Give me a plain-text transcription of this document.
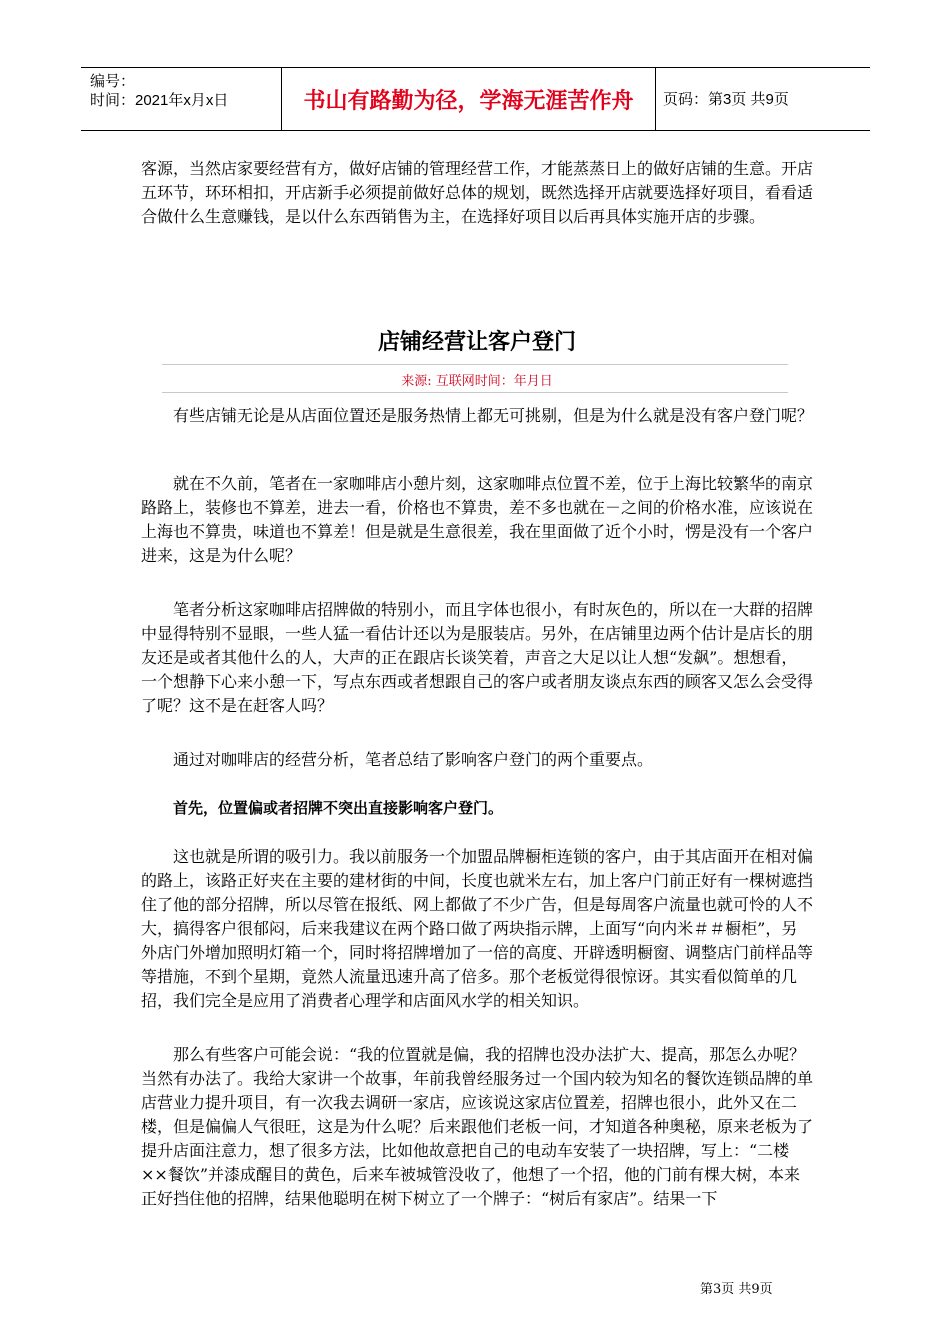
编号：
时间：2021年x月x日	书山有路勤为径，学海无涯苦作舟	页码：第3页 共9页

客源，当然店家要经营有方，做好店铺的管理经营工作，才能蒸蒸日上的做好店铺的生意。开店五环节，环环相扣，开店新手必须提前做好总体的规划，既然选择开店就要选择好项目，看看适合做什么生意赚钱，是以什么东西销售为主，在选择好项目以后再具体实施开店的步骤。

店铺经营让客户登门
来源: 互联网时间：年月日

有些店铺无论是从店面位置还是服务热情上都无可挑剔，但是为什么就是没有客户登门呢？

就在不久前，笔者在一家咖啡店小憩片刻，这家咖啡点位置不差，位于上海比较繁华的南京路路上，装修也不算差，进去一看，价格也不算贵，差不多也就在－之间的价格水准，应该说在上海也不算贵，味道也不算差！但是就是生意很差，我在里面做了近个小时，愣是没有一个客户进来，这是为什么呢？

笔者分析这家咖啡店招牌做的特别小，而且字体也很小，有时灰色的，所以在一大群的招牌中显得特别不显眼，一些人猛一看估计还以为是服装店。另外，在店铺里边两个估计是店长的朋友还是或者其他什么的人，大声的正在跟店长谈笑着，声音之大足以让人想“发飙”。想想看，一个想静下心来小憩一下，写点东西或者想跟自己的客户或者朋友谈点东西的顾客又怎么会受得了呢？这不是在赶客人吗？

通过对咖啡店的经营分析，笔者总结了影响客户登门的两个重要点。

首先，位置偏或者招牌不突出直接影响客户登门。

这也就是所谓的吸引力。我以前服务一个加盟品牌橱柜连锁的客户，由于其店面开在相对偏的路上，该路正好夹在主要的建材街的中间，长度也就米左右，加上客户门前正好有一棵树遮挡住了他的部分招牌，所以尽管在报纸、网上都做了不少广告，但是每周客户流量也就可怜的人不大，搞得客户很郁闷，后来我建议在两个路口做了两块指示牌，上面写“向内米＃＃橱柜”，另外店门外增加照明灯箱一个，同时将招牌增加了一倍的高度、开辟透明橱窗、调整店门前样品等等措施，不到个星期，竟然人流量迅速升高了倍多。那个老板觉得很惊讶。其实看似简单的几招，我们完全是应用了消费者心理学和店面风水学的相关知识。

那么有些客户可能会说：“我的位置就是偏，我的招牌也没办法扩大、提高，那怎么办呢？当然有办法了。我给大家讲一个故事，年前我曾经服务过一个国内较为知名的餐饮连锁品牌的单店营业力提升项目，有一次我去调研一家店，应该说这家店位置差，招牌也很小，此外又在二楼，但是偏偏人气很旺，这是为什么呢？后来跟他们老板一问，才知道各种奥秘，原来老板为了提升店面注意力，想了很多方法，比如他故意把自己的电动车安装了一块招牌，写上：“二楼××餐饮”并漆成醒目的黄色，后来车被城管没收了，他想了一个招，他的门前有棵大树，本来正好挡住他的招牌，结果他聪明在树下树立了一个牌子：“树后有家店”。结果一下

第3页 共9页
